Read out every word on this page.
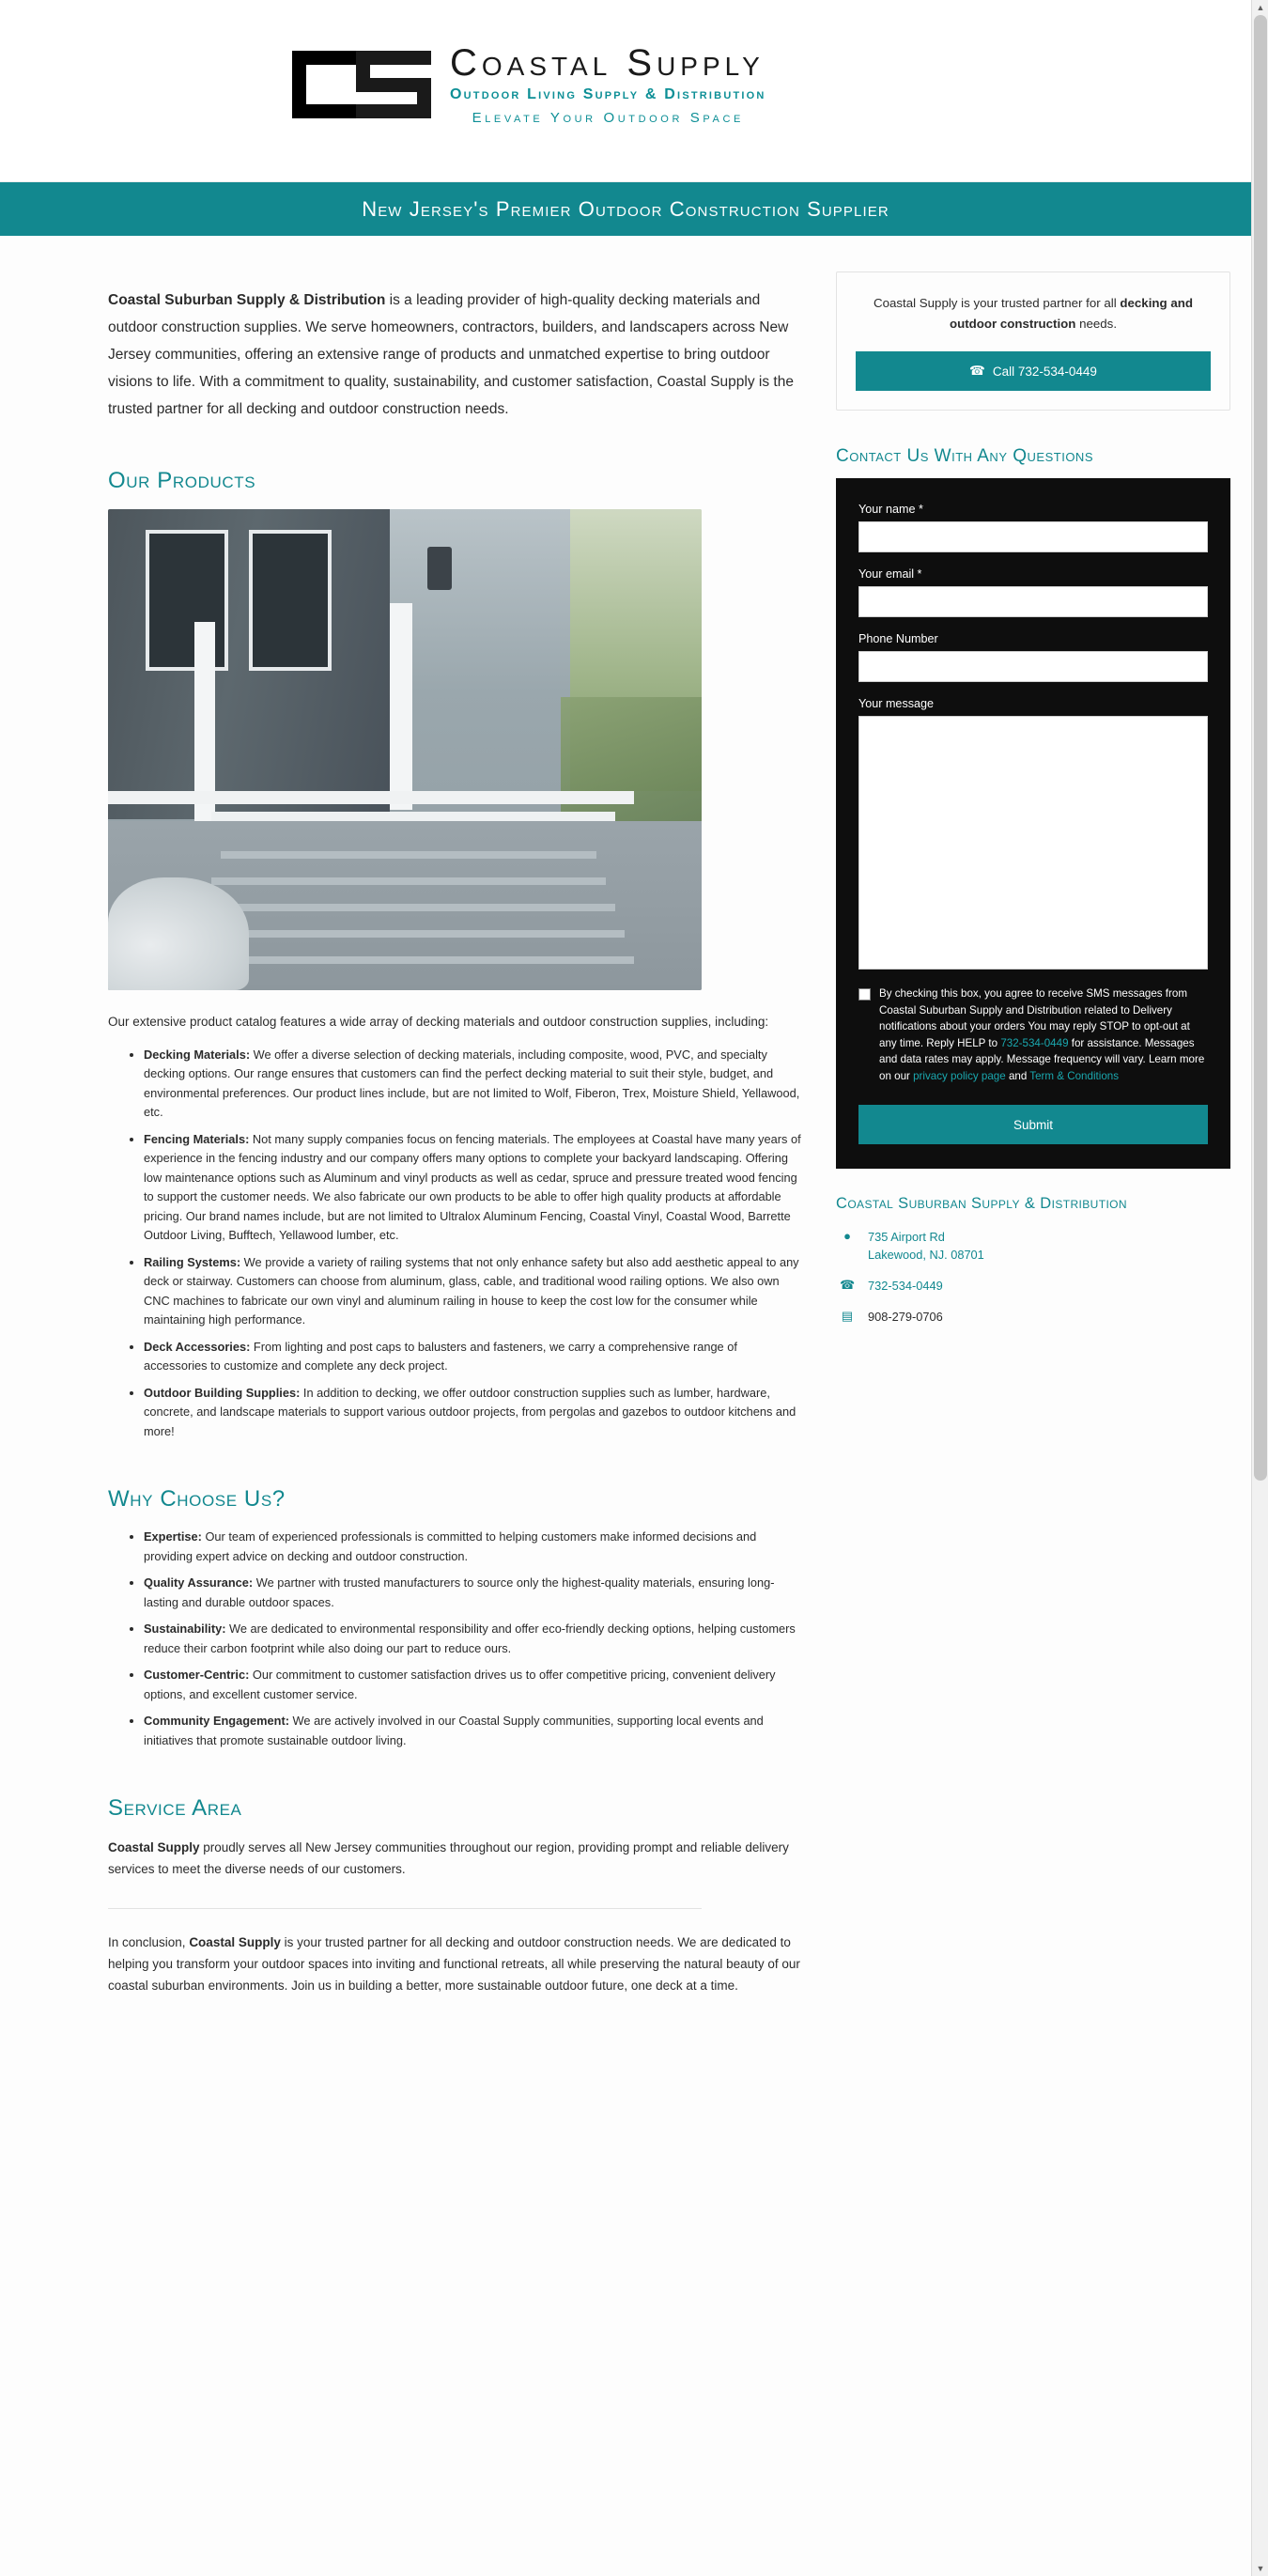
Coastal Supply
Outdoor Living Supply & Distribution
Elevate Your Outdoor Space
New Jersey's Premier Outdoor Construction Supplier

Coastal Suburban Supply & Distribution is a leading provider of high-quality decking materials and outdoor construction supplies. We serve homeowners, contractors, builders, and landscapers across New Jersey communities, offering an extensive range of products and unmatched expertise to bring outdoor visions to life. With a commitment to quality, sustainability, and customer satisfaction, Coastal Supply is the trusted partner for all decking and outdoor construction needs.

Our Products

Our extensive product catalog features a wide array of decking materials and outdoor construction supplies, including:

• Decking Materials: We offer a diverse selection of decking materials, including composite, wood, PVC, and specialty decking options. Our range ensures that customers can find the perfect decking material to suit their style, budget, and environmental preferences. Our product lines include, but are not limited to Wolf, Fiberon, Trex, Moisture Shield, Yellawood, etc.
• Fencing Materials: Not many supply companies focus on fencing materials. The employees at Coastal have many years of experience in the fencing industry and our company offers many options to complete your backyard landscaping. Offering low maintenance options such as Aluminum and vinyl products as well as cedar, spruce and pressure treated wood fencing to support the customer needs. We also fabricate our own products to be able to offer high quality products at affordable pricing. Our brand names include, but are not limited to Ultralox Aluminum Fencing, Coastal Vinyl, Coastal Wood, Barrette Outdoor Living, Bufftech, Yellawood lumber, etc.
• Railing Systems: We provide a variety of railing systems that not only enhance safety but also add aesthetic appeal to any deck or stairway. Customers can choose from aluminum, glass, cable, and traditional wood railing options. We also own CNC machines to fabricate our own vinyl and aluminum railing in house to keep the cost low for the consumer while maintaining high performance.
• Deck Accessories: From lighting and post caps to balusters and fasteners, we carry a comprehensive range of accessories to customize and complete any deck project.
• Outdoor Building Supplies: In addition to decking, we offer outdoor construction supplies such as lumber, hardware, concrete, and landscape materials to support various outdoor projects, from pergolas and gazebos to outdoor kitchens and more!
Why Choose Us?
• Expertise: Our team of experienced professionals is committed to helping customers make informed decisions and providing expert advice on decking and outdoor construction.
• Quality Assurance: We partner with trusted manufacturers to source only the highest-quality materials, ensuring long-lasting and durable outdoor spaces.
• Sustainability: We are dedicated to environmental responsibility and offer eco-friendly decking options, helping customers reduce their carbon footprint while also doing our part to reduce ours.
• Customer-Centric: Our commitment to customer satisfaction drives us to offer competitive pricing, convenient delivery options, and excellent customer service.
• Community Engagement: We are actively involved in our Coastal Supply communities, supporting local events and initiatives that promote sustainable outdoor living.
Service Area

Coastal Supply proudly serves all New Jersey communities throughout our region, providing prompt and reliable delivery services to meet the diverse needs of our customers.

In conclusion, Coastal Supply is your trusted partner for all decking and outdoor construction needs. We are dedicated to helping you transform your outdoor spaces into inviting and functional retreats, all while preserving the natural beauty of our coastal suburban environments. Join us in building a better, more sustainable outdoor future, one deck at a time.

Coastal Supply is your trusted partner for all decking and outdoor construction needs.
☎ Call 732-534-0449
Contact Us With Any Questions
Your name *
Your email *
Phone Number
Your message
By checking this box, you agree to receive SMS messages from Coastal Suburban Supply and Distribution related to Delivery notifications about your orders You may reply STOP to opt-out at any time. Reply HELP to 732-534-0449 for assistance. Messages and data rates may apply. Message frequency will vary. Learn more on our privacy policy page and Term & Conditions
Submit
Coastal Suburban Supply & Distribution
●	735 Airport Rd
Lakewood, NJ. 08701
☎ 732-534-0449
▤ 908-279-0706
▲
▼
